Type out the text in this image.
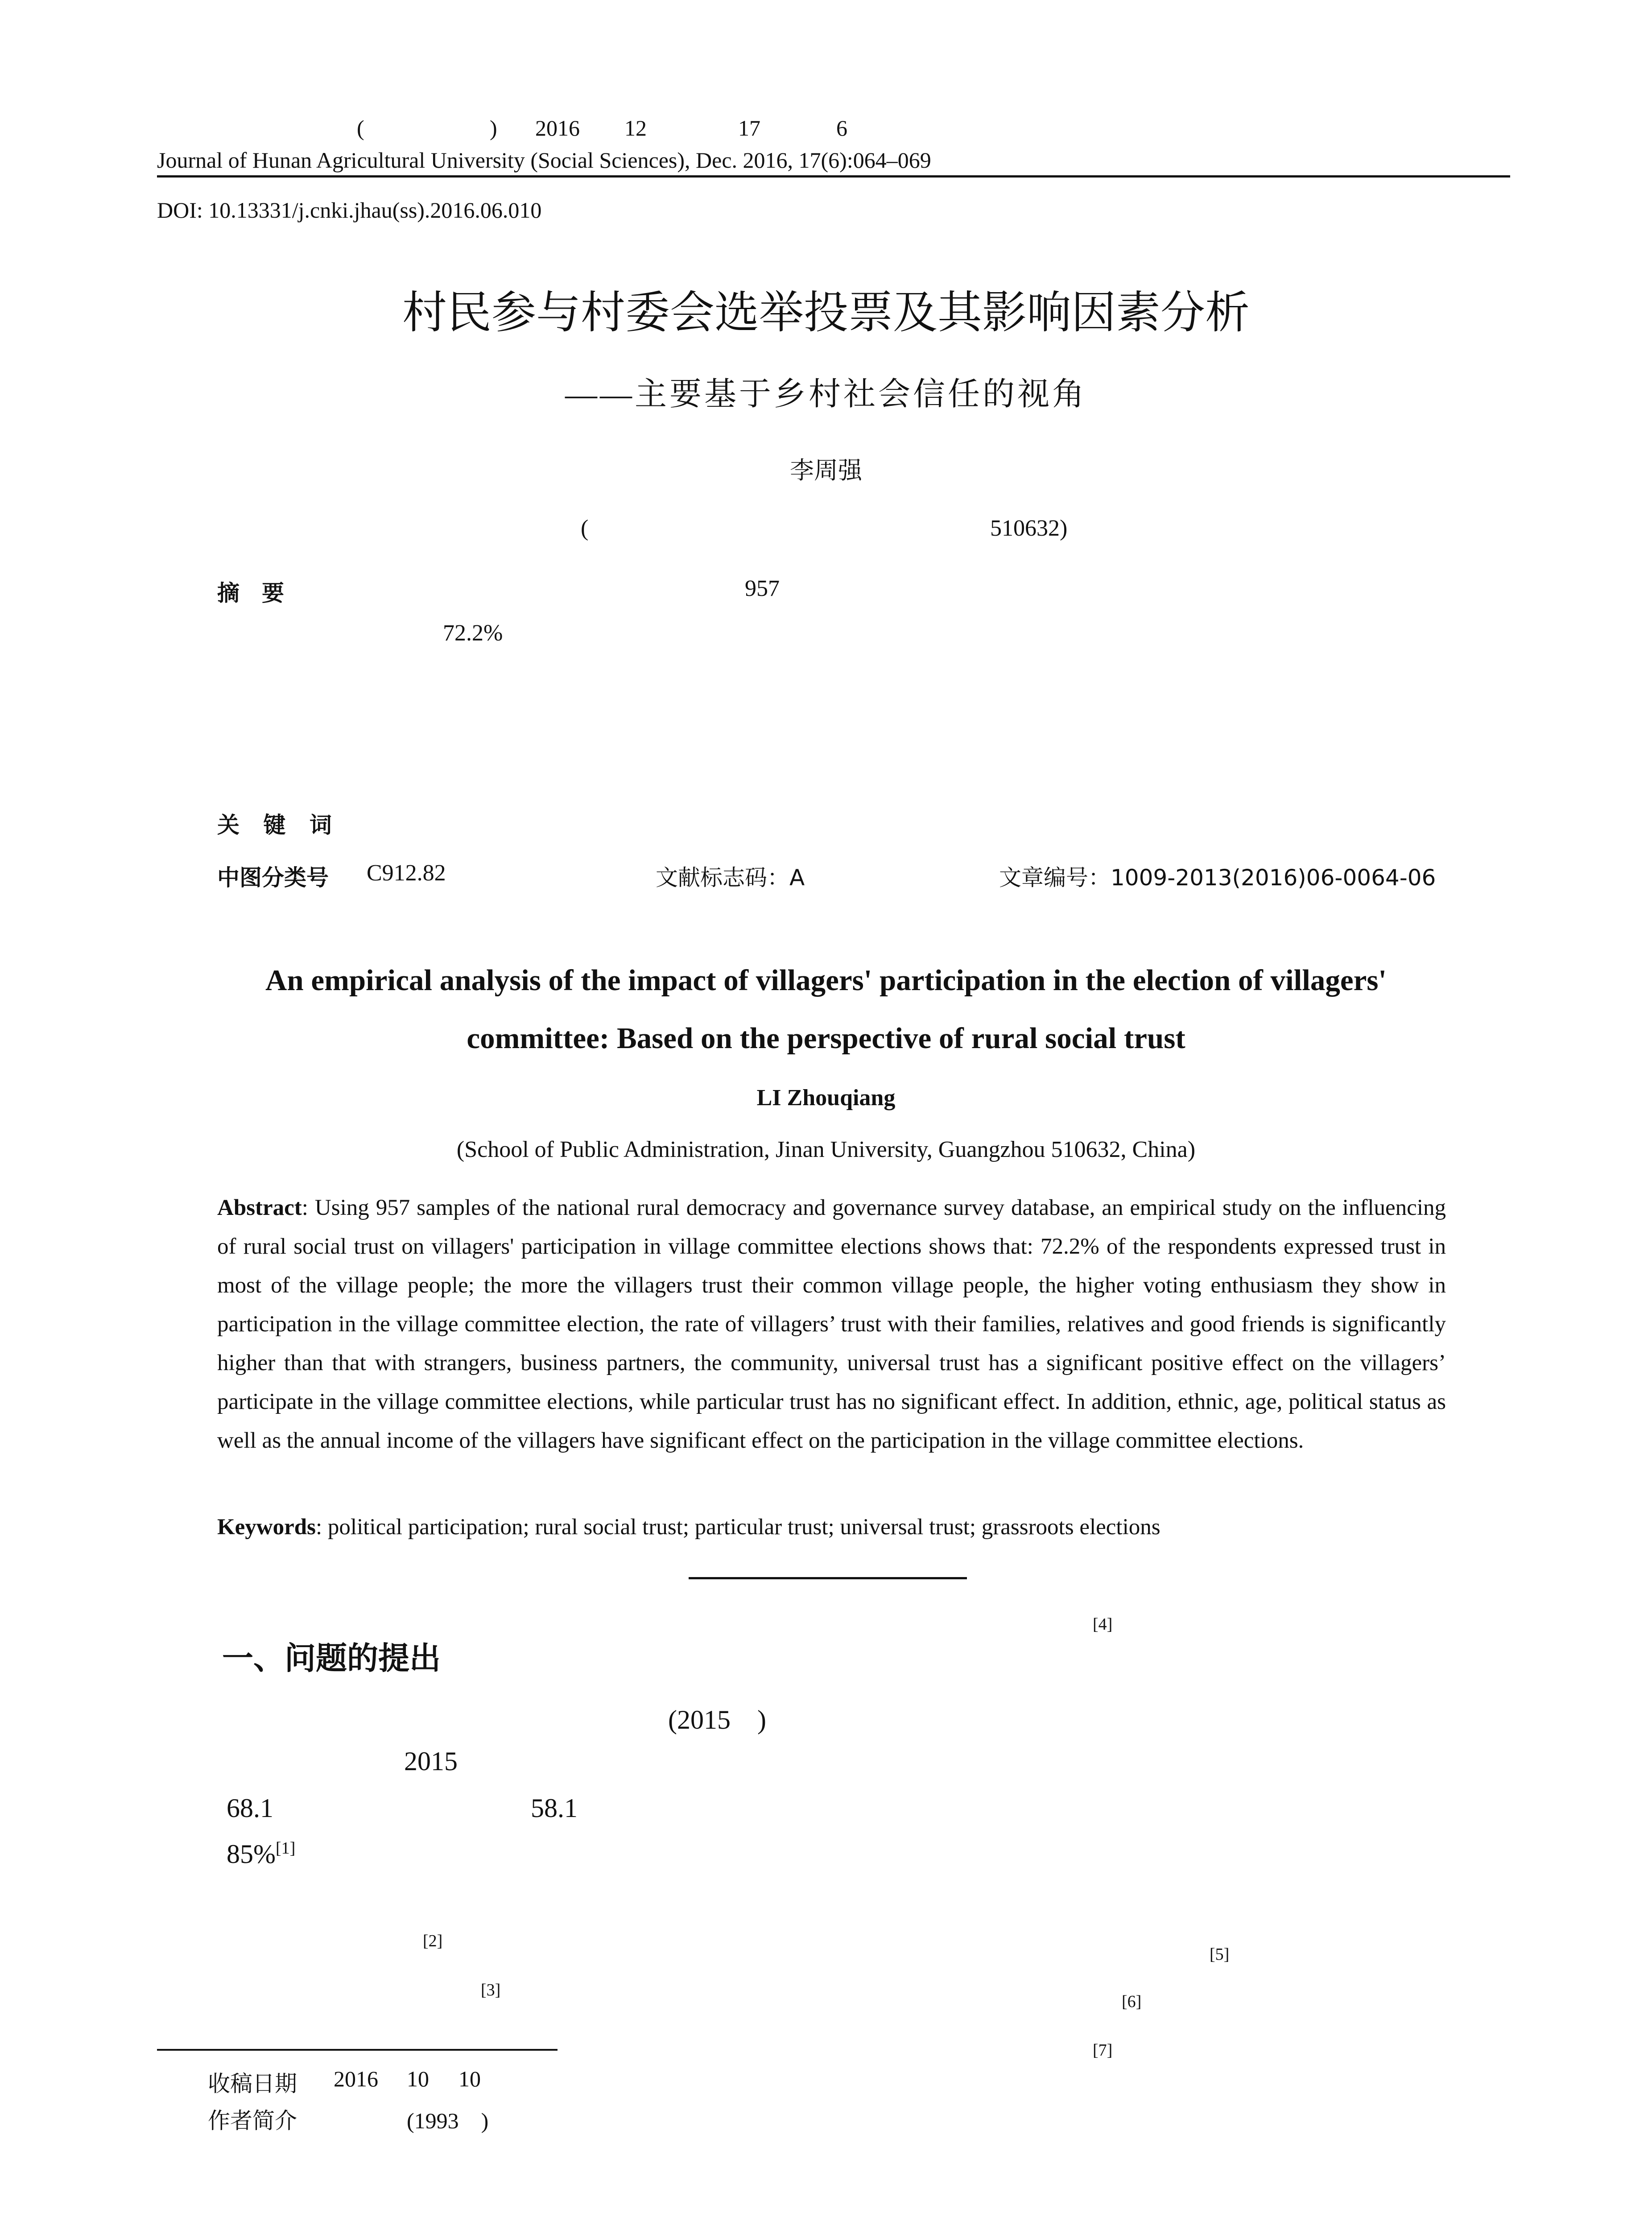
(	) 2016 12	17	6
Journal of Hunan Agricultural University (Social Sciences), Dec. 2016, 17(6):064–069
DOI: 10.13331/j.cnki.jhau(ss).2016.06.010
村民参与村委会选举投票及其影响因素分析
——主要基于乡村社会信任的视角
李周强
(	510632)
摘　要	957
72.2%
关 键 词
中图分类号 C912.82	文献标志码：A	文章编号：1009-2013(2016)06-0064-06
An empirical analysis of the impact of villagers' participation in the election of villagers'
committee: Based on the perspective of rural social trust
LI Zhouqiang
(School of Public Administration, Jinan University, Guangzhou 510632, China)
Abstract: Using 957 samples of the national rural democracy and governance survey database, an empirical study on the influencing of rural social trust on villagers' participation in village committee elections shows that: 72.2% of the respondents expressed trust in most of the village people; the more the villagers trust their common village people, the higher voting enthusiasm they show in participation in the village committee election, the rate of villagers’ trust with their families, relatives and good friends is significantly higher than that with strangers, business partners, the community, universal trust has a significant positive effect on the villagers’ participate in the village committee elections, while particular trust has no significant effect. In addition, ethnic, age, political status as well as the annual income of the villagers have significant effect on the participation in the village committee elections.
Keywords: political participation; rural social trust; particular trust; universal trust; grassroots elections
[4]
一、问题的提出
(2015　)
2015
68.1	58.1
85%[1]
[2]
[3]
[5]
[6]
[7]
收稿日期 2016 10 10
作者简介	(1993　)
